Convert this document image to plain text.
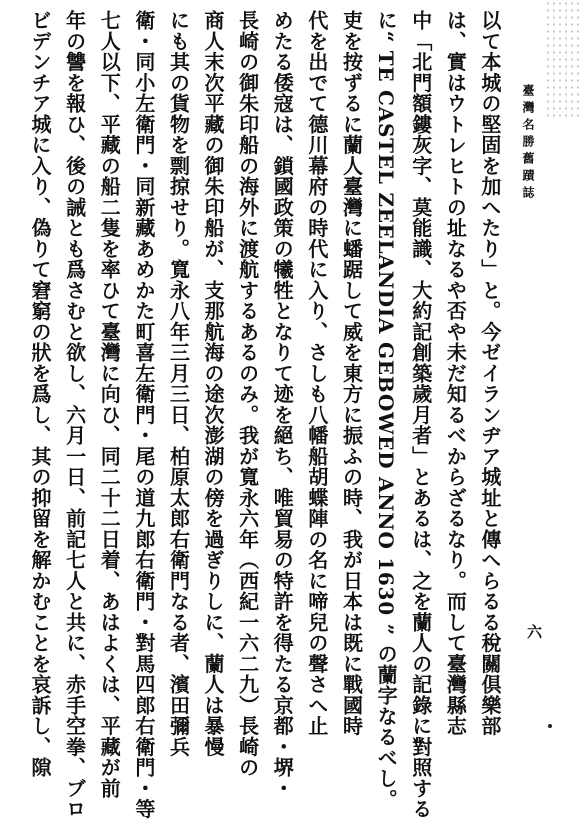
臺灣名勝舊蹟誌
六
以て本城の堅固を加へたり」と。今ゼイランヂア城址と傳へらるる稅關倶樂部
は、實はウトレヒトの址なるや否や未だ知るべからざるなり。而して臺灣縣志
中「北門額鏤灰字、莫能識、大約記創築歲月者」とあるは、之を蘭人の記錄に對照する
に“ TE CASTEL ZEELANDIA GEBOWED ANNO 1630 ” の蘭字なるべし。
吏を按ずるに蘭人臺灣に蟠踞して威を東方に振ふの時、我が日本は既に戰國時
代を出でて德川幕府の時代に入り、さしも八幡船胡蝶陣の名に啼兒の聲さへ止
めたる倭寇は、鎖國政策の犧牲となりて迹を絕ち、唯貿易の特許を得たる京都・堺・
長崎の御朱印船の海外に渡航するあるのみ。我が寬永六年（西紀一六二九）長崎の
商人末次平藏の御朱印船が、支那航海の途次澎湖の傍を過ぎりしに、蘭人は暴慢
にも其の貨物を剽掠せり。寬永八年三月三日、柏原太郎右衛門なる者、濱田彌兵
衛・同小左衛門・同新藏あめかた町喜左衛門・尾の道九郎右衛門・對馬四郎右衛門・等
七人以下、平藏の船二隻を率ひて臺灣に向ひ、同二十二日着、あはよくは、平藏が前
年の讐を報ひ、後の誡とも爲さむと欲し、六月一日、前記七人と共に、赤手空拳、ブロ
ビデンチア城に入り、偽りて窘窮の狀を爲し、其の抑留を解かむことを哀訴し、隙
